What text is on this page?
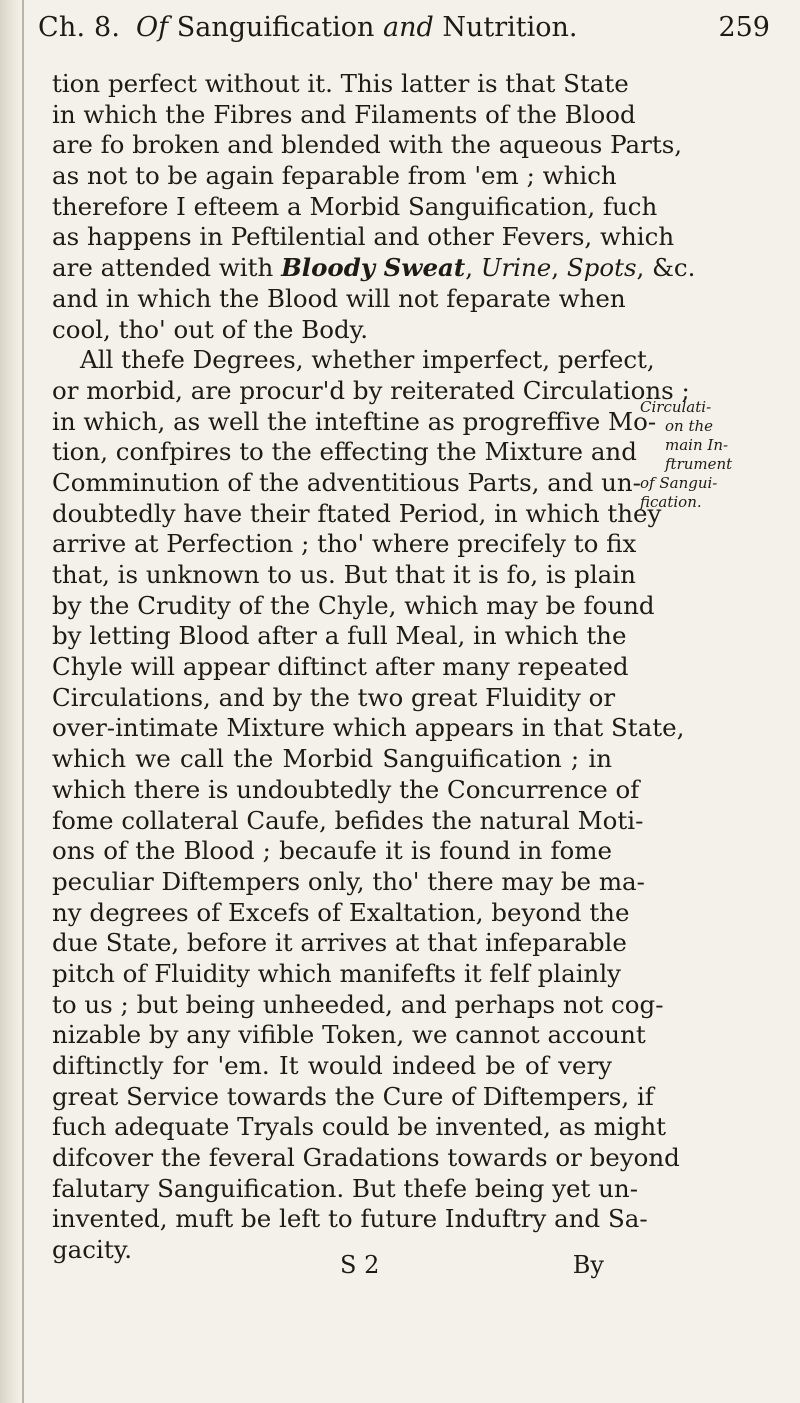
Ch. 8. Of Sanguification and Nutrition.	259
tion perfect without it. This latter is that State
in which the Fibres and Filaments of the Blood
are fo broken and blended with the aqueous Parts,
as not to be again feparable from 'em ; which
therefore I efteem a Morbid Sanguification, fuch
as happens in Peftilential and other Fevers, which
are attended with Bloody Sweat, Urine, Spots, &c.
and in which the Blood will not feparate when
cool, tho' out of the Body.
All thefe Degrees, whether imperfect, perfect,
or morbid, are procur'd by reiterated Circulations ;
in which, as well the inteftine as progreffive Mo-
tion, confpires to the effecting the Mixture and
Comminution of the adventitious Parts, and un-
doubtedly have their ftated Period, in which they
arrive at Perfection ; tho' where precifely to fix
that, is unknown to us. But that it is fo, is plain
by the Crudity of the Chyle, which may be found
by letting Blood after a full Meal, in which the
Chyle will appear diftinct after many repeated
Circulations, and by the two great Fluidity or
over-intimate Mixture which appears in that State,
which we call the Morbid Sanguification ; in
which there is undoubtedly the Concurrence of
fome collateral Caufe, befides the natural Moti-
ons of the Blood ; becaufe it is found in fome
peculiar Diftempers only, tho' there may be ma-
ny degrees of Excefs of Exaltation, beyond the
due State, before it arrives at that infeparable
pitch of Fluidity which manifefts it felf plainly
to us ; but being unheeded, and perhaps not cog-
nizable by any vifible Token, we cannot account
diftinctly for 'em. It would indeed be of very
great Service towards the Cure of Diftempers, if
fuch adequate Tryals could be invented, as might
difcover the feveral Gradations towards or beyond
falutary Sanguification. But thefe being yet un-
invented, muft be left to future Induftry and Sa-
gacity.
Circulati-
on the
main In-
ftrument
of Sangui-
fication.
S 2	By
